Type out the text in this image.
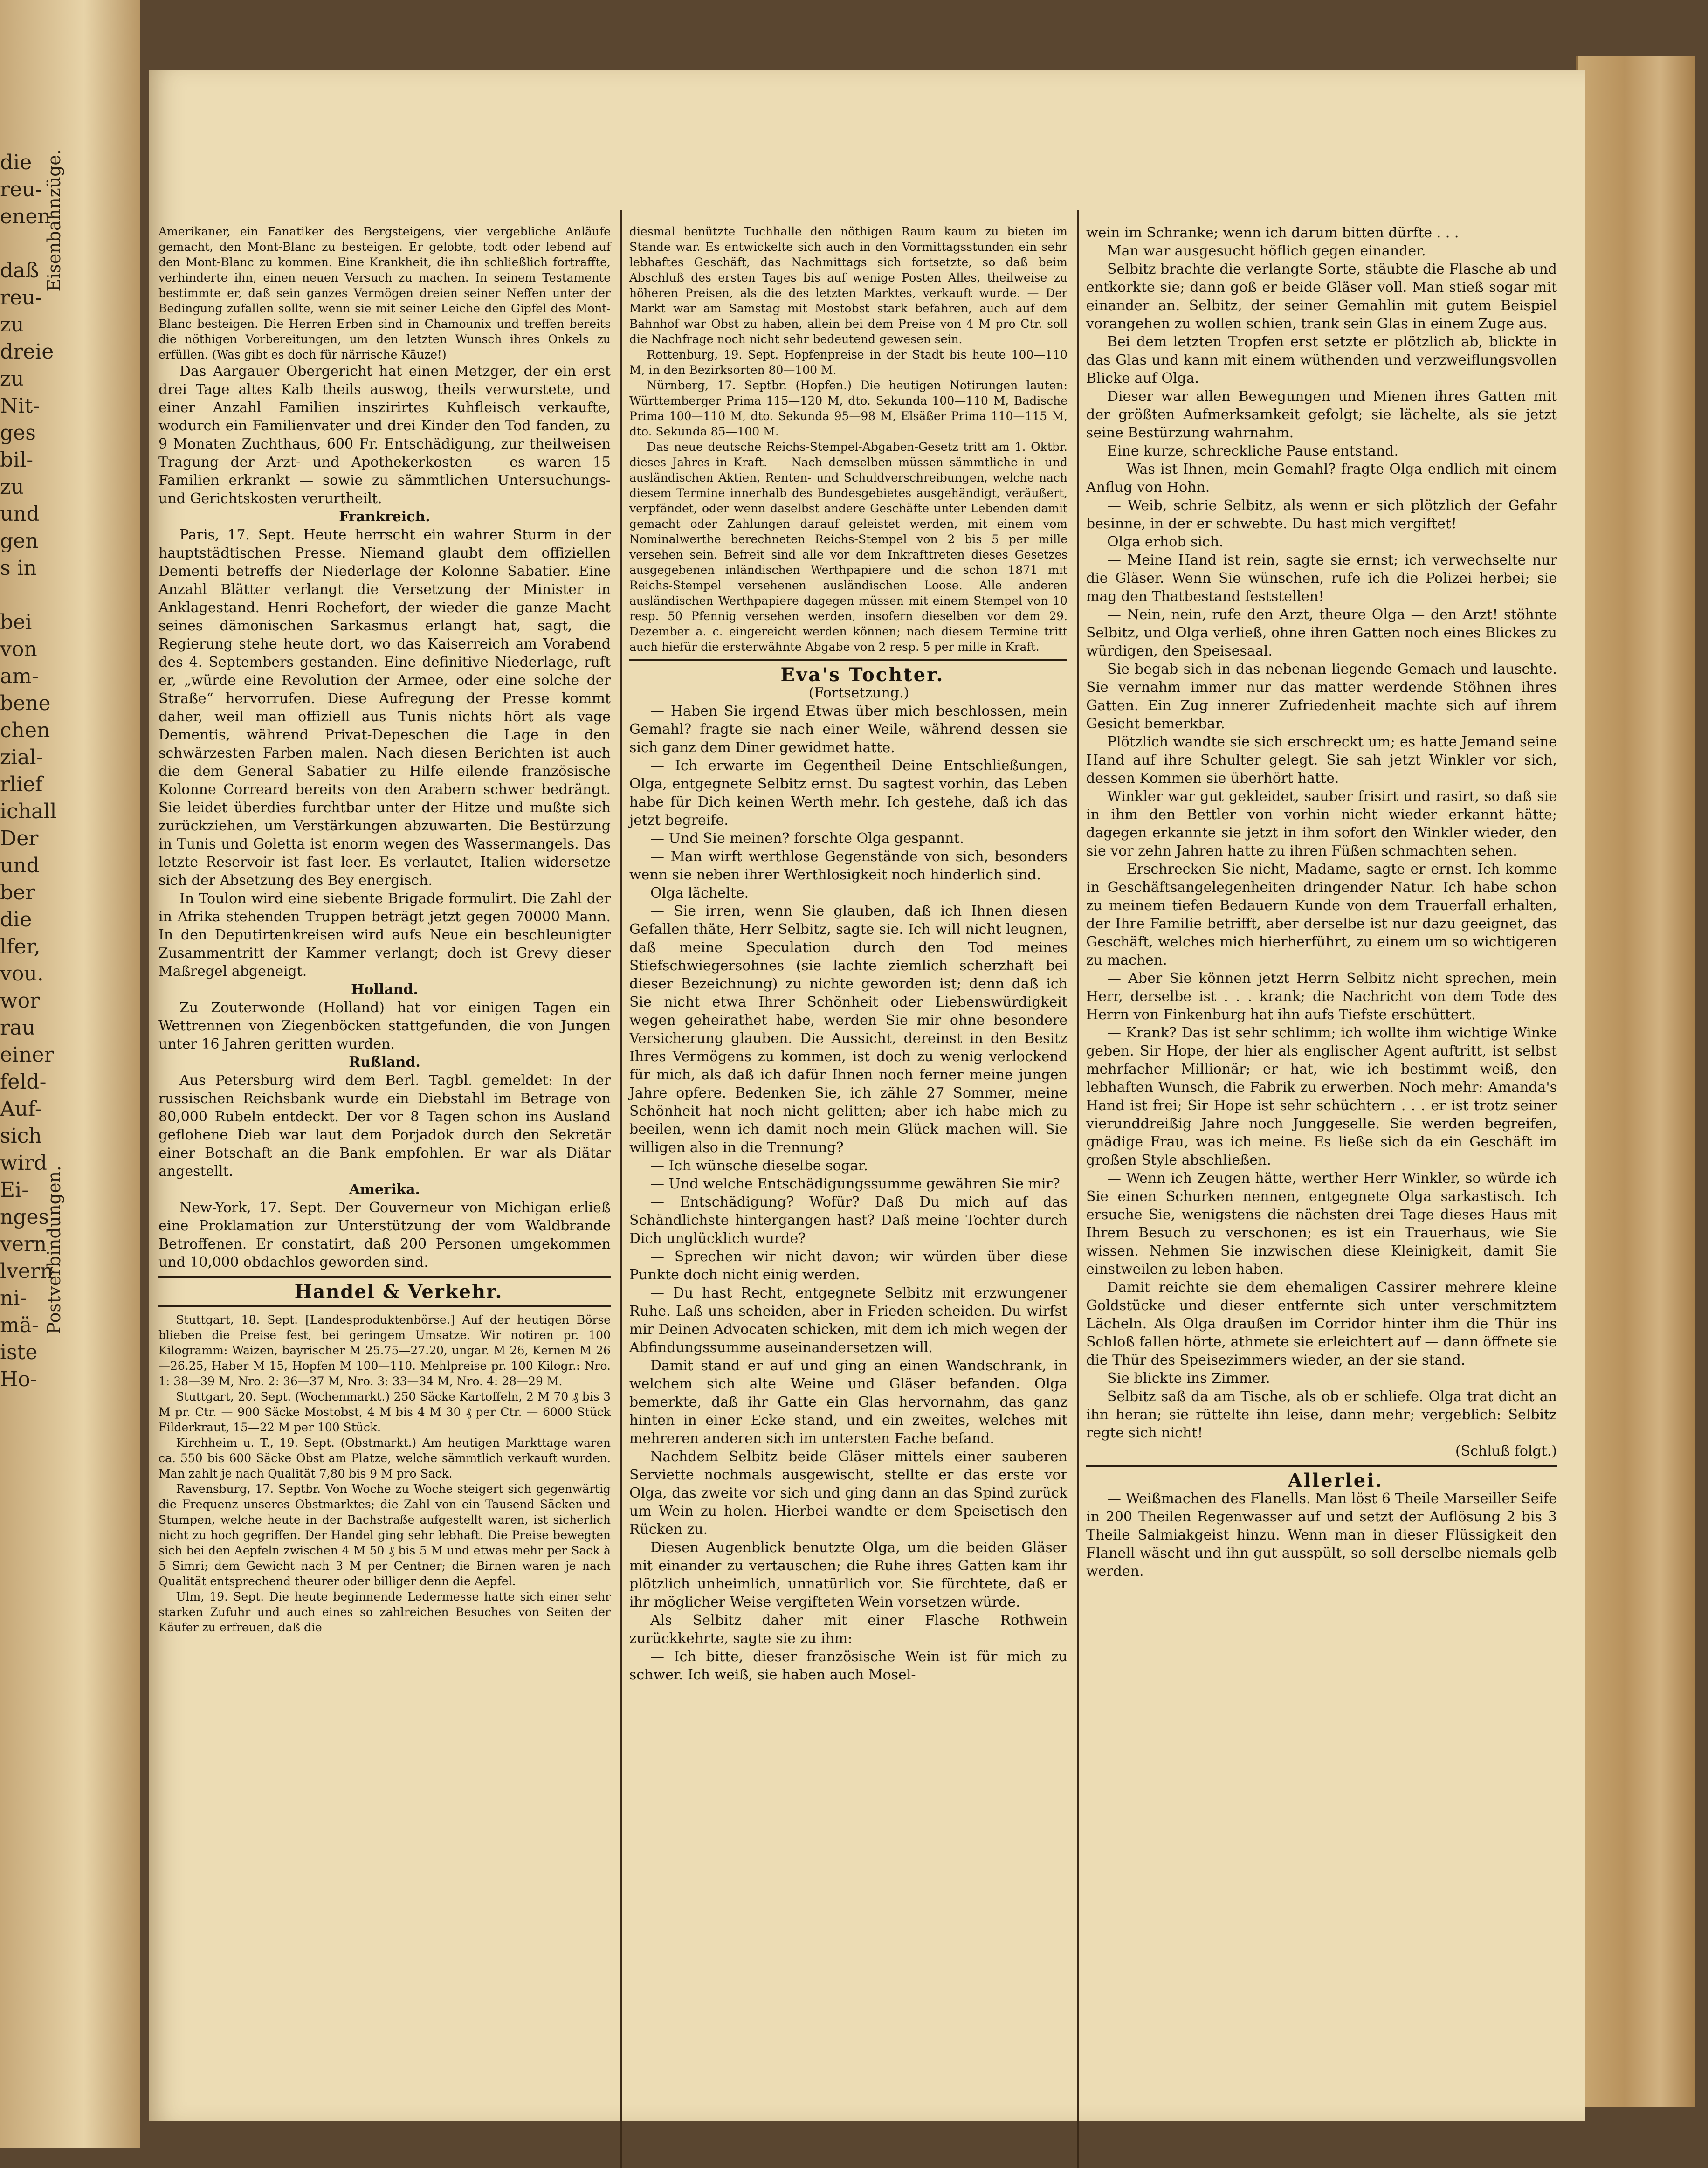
die
reu-
enen
daß
reu-
zu
dreie
zu
Nit-
ges
bil-
zu
und
gen
s in
bei
von
am-
bene
chen
zial-
rlief
ichall
Der
und
ber
die
lfer,
vou.
wor
rau
einer
feld-
Auf-
sich
wird
Ei-
nges
vern
lvern
ni-
mä-
iste
Ho-
Eisenbahnzüge.
Postverbindungen.

Amerikaner, ein Fanatiker des Bergsteigens, vier vergebliche Anläufe gemacht, den Mont-Blanc zu besteigen. Er gelobte, todt oder lebend auf den Mont-Blanc zu kommen. Eine Krankheit, die ihn schließlich fortraffte, verhinderte ihn, einen neuen Versuch zu machen. In seinem Testamente bestimmte er, daß sein ganzes Vermögen dreien seiner Neffen unter der Bedingung zufallen sollte, wenn sie mit seiner Leiche den Gipfel des Mont-Blanc besteigen. Die Herren Erben sind in Chamounix und treffen bereits die nöthigen Vorbereitungen, um den letzten Wunsch ihres Onkels zu erfüllen. (Was gibt es doch für närrische Käuze!)

Das Aargauer Obergericht hat einen Metzger, der ein erst drei Tage altes Kalb theils auswog, theils verwurstete, und einer Anzahl Familien inszirirtes Kuhfleisch verkaufte, wodurch ein Familienvater und drei Kinder den Tod fanden, zu 9 Monaten Zuchthaus, 600 Fr. Entschädigung, zur theilweisen Tragung der Arzt- und Apothekerkosten — es waren 15 Familien erkrankt — sowie zu sämmtlichen Untersuchungs- und Gerichtskosten verurtheilt.

Frankreich.

Paris, 17. Sept. Heute herrscht ein wahrer Sturm in der hauptstädtischen Presse. Niemand glaubt dem offiziellen Dementi betreffs der Niederlage der Kolonne Sabatier. Eine Anzahl Blätter verlangt die Versetzung der Minister in Anklagestand. Henri Rochefort, der wieder die ganze Macht seines dämonischen Sarkasmus erlangt hat, sagt, die Regierung stehe heute dort, wo das Kaiserreich am Vorabend des 4. Septembers gestanden. Eine definitive Niederlage, ruft er, „würde eine Revolution der Armee, oder eine solche der Straße“ hervorrufen. Diese Aufregung der Presse kommt daher, weil man offiziell aus Tunis nichts hört als vage Dementis, während Privat-Depeschen die Lage in den schwärzesten Farben malen. Nach diesen Berichten ist auch die dem General Sabatier zu Hilfe eilende französische Kolonne Correard bereits von den Arabern schwer bedrängt. Sie leidet überdies furchtbar unter der Hitze und mußte sich zurückziehen, um Verstärkungen abzuwarten. Die Bestürzung in Tunis und Goletta ist enorm wegen des Wassermangels. Das letzte Reservoir ist fast leer. Es verlautet, Italien widersetze sich der Absetzung des Bey energisch.

In Toulon wird eine siebente Brigade formulirt. Die Zahl der in Afrika stehenden Truppen beträgt jetzt gegen 70000 Mann. In den Deputirtenkreisen wird aufs Neue ein beschleunigter Zusammentritt der Kammer verlangt; doch ist Grevy dieser Maßregel abgeneigt.

Holland.

Zu Zouterwonde (Holland) hat vor einigen Tagen ein Wettrennen von Ziegenböcken stattgefunden, die von Jungen unter 16 Jahren geritten wurden.

Rußland.

Aus Petersburg wird dem Berl. Tagbl. gemeldet: In der russischen Reichsbank wurde ein Diebstahl im Betrage von 80,000 Rubeln entdeckt. Der vor 8 Tagen schon ins Ausland geflohene Dieb war laut dem Porjadok durch den Sekretär einer Botschaft an die Bank empfohlen. Er war als Diätar angestellt.

Amerika.

New-York, 17. Sept. Der Gouverneur von Michigan erließ eine Proklamation zur Unterstützung der vom Waldbrande Betroffenen. Er constatirt, daß 200 Personen umgekommen und 10,000 obdachlos geworden sind.

Handel & Verkehr.

Stuttgart, 18. Sept. [Landesproduktenbörse.] Auf der heutigen Börse blieben die Preise fest, bei geringem Umsatze. Wir notiren pr. 100 Kilogramm: Waizen, bayrischer M 25.75—27.20, ungar. M 26, Kernen M 26—26.25, Haber M 15, Hopfen M 100—110. Mehlpreise pr. 100 Kilogr.: Nro. 1: 38—39 M, Nro. 2: 36—37 M, Nro. 3: 33—34 M, Nro. 4: 28—29 M.

Stuttgart, 20. Sept. (Wochenmarkt.) 250 Säcke Kartoffeln, 2 M 70 ₰ bis 3 M pr. Ctr. — 900 Säcke Mostobst, 4 M bis 4 M 30 ₰ per Ctr. — 6000 Stück Filderkraut, 15—22 M per 100 Stück.

Kirchheim u. T., 19. Sept. (Obstmarkt.) Am heutigen Markttage waren ca. 550 bis 600 Säcke Obst am Platze, welche sämmtlich verkauft wurden. Man zahlt je nach Qualität 7,80 bis 9 M pro Sack.

Ravensburg, 17. Septbr. Von Woche zu Woche steigert sich gegenwärtig die Frequenz unseres Obstmarktes; die Zahl von ein Tausend Säcken und Stumpen, welche heute in der Bachstraße aufgestellt waren, ist sicherlich nicht zu hoch gegriffen. Der Handel ging sehr lebhaft. Die Preise bewegten sich bei den Aepfeln zwischen 4 M 50 ₰ bis 5 M und etwas mehr per Sack à 5 Simri; dem Gewicht nach 3 M per Centner; die Birnen waren je nach Qualität entsprechend theurer oder billiger denn die Aepfel.

Ulm, 19. Sept. Die heute beginnende Ledermesse hatte sich einer sehr starken Zufuhr und auch eines so zahlreichen Besuches von Seiten der Käufer zu erfreuen, daß die

diesmal benützte Tuchhalle den nöthigen Raum kaum zu bieten im Stande war. Es entwickelte sich auch in den Vormittagsstunden ein sehr lebhaftes Geschäft, das Nachmittags sich fortsetzte, so daß beim Abschluß des ersten Tages bis auf wenige Posten Alles, theilweise zu höheren Preisen, als die des letzten Marktes, verkauft wurde. — Der Markt war am Samstag mit Mostobst stark befahren, auch auf dem Bahnhof war Obst zu haben, allein bei dem Preise von 4 M pro Ctr. soll die Nachfrage noch nicht sehr bedeutend gewesen sein.

Rottenburg, 19. Sept. Hopfenpreise in der Stadt bis heute 100—110 M, in den Bezirksorten 80—100 M.

Nürnberg, 17. Septbr. (Hopfen.) Die heutigen Notirungen lauten: Württemberger Prima 115—120 M, dto. Sekunda 100—110 M, Badische Prima 100—110 M, dto. Sekunda 95—98 M, Elsäßer Prima 110—115 M, dto. Sekunda 85—100 M.

Das neue deutsche Reichs-Stempel-Abgaben-Gesetz tritt am 1. Oktbr. dieses Jahres in Kraft. — Nach demselben müssen sämmtliche in- und ausländischen Aktien, Renten- und Schuldverschreibungen, welche nach diesem Termine innerhalb des Bundesgebietes ausgehändigt, veräußert, verpfändet, oder wenn daselbst andere Geschäfte unter Lebenden damit gemacht oder Zahlungen darauf geleistet werden, mit einem vom Nominalwerthe berechneten Reichs-Stempel von 2 bis 5 per mille versehen sein. Befreit sind alle vor dem Inkrafttreten dieses Gesetzes ausgegebenen inländischen Werthpapiere und die schon 1871 mit Reichs-Stempel versehenen ausländischen Loose. Alle anderen ausländischen Werthpapiere dagegen müssen mit einem Stempel von 10 resp. 50 Pfennig versehen werden, insofern dieselben vor dem 29. Dezember a. c. eingereicht werden können; nach diesem Termine tritt auch hiefür die ersterwähnte Abgabe von 2 resp. 5 per mille in Kraft.

Eva's Tochter.

(Fortsetzung.)

— Haben Sie irgend Etwas über mich beschlossen, mein Gemahl? fragte sie nach einer Weile, während dessen sie sich ganz dem Diner gewidmet hatte.

— Ich erwarte im Gegentheil Deine Entschließungen, Olga, entgegnete Selbitz ernst. Du sagtest vorhin, das Leben habe für Dich keinen Werth mehr. Ich gestehe, daß ich das jetzt begreife.

— Und Sie meinen? forschte Olga gespannt.

— Man wirft werthlose Gegenstände von sich, besonders wenn sie neben ihrer Werthlosigkeit noch hinderlich sind.

Olga lächelte.

— Sie irren, wenn Sie glauben, daß ich Ihnen diesen Gefallen thäte, Herr Selbitz, sagte sie. Ich will nicht leugnen, daß meine Speculation durch den Tod meines Stiefschwiegersohnes (sie lachte ziemlich scherzhaft bei dieser Bezeichnung) zu nichte geworden ist; denn daß ich Sie nicht etwa Ihrer Schönheit oder Liebenswürdigkeit wegen geheirathet habe, werden Sie mir ohne besondere Versicherung glauben. Die Aussicht, dereinst in den Besitz Ihres Vermögens zu kommen, ist doch zu wenig verlockend für mich, als daß ich dafür Ihnen noch ferner meine jungen Jahre opfere. Bedenken Sie, ich zähle 27 Sommer, meine Schönheit hat noch nicht gelitten; aber ich habe mich zu beeilen, wenn ich damit noch mein Glück machen will. Sie willigen also in die Trennung?

— Ich wünsche dieselbe sogar.

— Und welche Entschädigungssumme gewähren Sie mir?

— Entschädigung? Wofür? Daß Du mich auf das Schändlichste hintergangen hast? Daß meine Tochter durch Dich unglücklich wurde?

— Sprechen wir nicht davon; wir würden über diese Punkte doch nicht einig werden.

— Du hast Recht, entgegnete Selbitz mit erzwungener Ruhe. Laß uns scheiden, aber in Frieden scheiden. Du wirfst mir Deinen Advocaten schicken, mit dem ich mich wegen der Abfindungssumme auseinandersetzen will.

Damit stand er auf und ging an einen Wandschrank, in welchem sich alte Weine und Gläser befanden. Olga bemerkte, daß ihr Gatte ein Glas hervornahm, das ganz hinten in einer Ecke stand, und ein zweites, welches mit mehreren anderen sich im untersten Fache befand.

Nachdem Selbitz beide Gläser mittels einer sauberen Serviette nochmals ausgewischt, stellte er das erste vor Olga, das zweite vor sich und ging dann an das Spind zurück um Wein zu holen. Hierbei wandte er dem Speisetisch den Rücken zu.

Diesen Augenblick benutzte Olga, um die beiden Gläser mit einander zu vertauschen; die Ruhe ihres Gatten kam ihr plötzlich unheimlich, unnatürlich vor. Sie fürchtete, daß er ihr möglicher Weise vergifteten Wein vorsetzen würde.

Als Selbitz daher mit einer Flasche Rothwein zurückkehrte, sagte sie zu ihm:

— Ich bitte, dieser französische Wein ist für mich zu schwer. Ich weiß, sie haben auch Mosel-

wein im Schranke; wenn ich darum bitten dürfte . . .

Man war ausgesucht höflich gegen einander.

Selbitz brachte die verlangte Sorte, stäubte die Flasche ab und entkorkte sie; dann goß er beide Gläser voll. Man stieß sogar mit einander an. Selbitz, der seiner Gemahlin mit gutem Beispiel vorangehen zu wollen schien, trank sein Glas in einem Zuge aus.

Bei dem letzten Tropfen erst setzte er plötzlich ab, blickte in das Glas und kann mit einem wüthenden und verzweiflungsvollen Blicke auf Olga.

Dieser war allen Bewegungen und Mienen ihres Gatten mit der größten Aufmerksamkeit gefolgt; sie lächelte, als sie jetzt seine Bestürzung wahrnahm.

Eine kurze, schreckliche Pause entstand.

— Was ist Ihnen, mein Gemahl? fragte Olga endlich mit einem Anflug von Hohn.

— Weib, schrie Selbitz, als wenn er sich plötzlich der Gefahr besinne, in der er schwebte. Du hast mich vergiftet!

Olga erhob sich.

— Meine Hand ist rein, sagte sie ernst; ich verwechselte nur die Gläser. Wenn Sie wünschen, rufe ich die Polizei herbei; sie mag den Thatbestand feststellen!

— Nein, nein, rufe den Arzt, theure Olga — den Arzt! stöhnte Selbitz, und Olga verließ, ohne ihren Gatten noch eines Blickes zu würdigen, den Speisesaal.

Sie begab sich in das nebenan liegende Gemach und lauschte. Sie vernahm immer nur das matter werdende Stöhnen ihres Gatten. Ein Zug innerer Zufriedenheit machte sich auf ihrem Gesicht bemerkbar.

Plötzlich wandte sie sich erschreckt um; es hatte Jemand seine Hand auf ihre Schulter gelegt. Sie sah jetzt Winkler vor sich, dessen Kommen sie überhört hatte.

Winkler war gut gekleidet, sauber frisirt und rasirt, so daß sie in ihm den Bettler von vorhin nicht wieder erkannt hätte; dagegen erkannte sie jetzt in ihm sofort den Winkler wieder, den sie vor zehn Jahren hatte zu ihren Füßen schmachten sehen.

— Erschrecken Sie nicht, Madame, sagte er ernst. Ich komme in Geschäftsangelegenheiten dringender Natur. Ich habe schon zu meinem tiefen Bedauern Kunde von dem Trauerfall erhalten, der Ihre Familie betrifft, aber derselbe ist nur dazu geeignet, das Geschäft, welches mich hierherführt, zu einem um so wichtigeren zu machen.

— Aber Sie können jetzt Herrn Selbitz nicht sprechen, mein Herr, derselbe ist . . . krank; die Nachricht von dem Tode des Herrn von Finkenburg hat ihn aufs Tiefste erschüttert.

— Krank? Das ist sehr schlimm; ich wollte ihm wichtige Winke geben. Sir Hope, der hier als englischer Agent auftritt, ist selbst mehrfacher Millionär; er hat, wie ich bestimmt weiß, den lebhaften Wunsch, die Fabrik zu erwerben. Noch mehr: Amanda's Hand ist frei; Sir Hope ist sehr schüchtern . . . er ist trotz seiner vierunddreißig Jahre noch Junggeselle. Sie werden begreifen, gnädige Frau, was ich meine. Es ließe sich da ein Geschäft im großen Style abschließen.

— Wenn ich Zeugen hätte, werther Herr Winkler, so würde ich Sie einen Schurken nennen, entgegnete Olga sarkastisch. Ich ersuche Sie, wenigstens die nächsten drei Tage dieses Haus mit Ihrem Besuch zu verschonen; es ist ein Trauerhaus, wie Sie wissen. Nehmen Sie inzwischen diese Kleinigkeit, damit Sie einstweilen zu leben haben.

Damit reichte sie dem ehemaligen Cassirer mehrere kleine Goldstücke und dieser entfernte sich unter verschmitztem Lächeln. Als Olga draußen im Corridor hinter ihm die Thür ins Schloß fallen hörte, athmete sie erleichtert auf — dann öffnete sie die Thür des Speisezimmers wieder, an der sie stand.

Sie blickte ins Zimmer.

Selbitz saß da am Tische, als ob er schliefe. Olga trat dicht an ihn heran; sie rüttelte ihn leise, dann mehr; vergeblich: Selbitz regte sich nicht!

(Schluß folgt.)

Allerlei.

— Weißmachen des Flanells. Man löst 6 Theile Marseiller Seife in 200 Theilen Regenwasser auf und setzt der Auflösung 2 bis 3 Theile Salmiakgeist hinzu. Wenn man in dieser Flüssigkeit den Flanell wäscht und ihn gut ausspült, so soll derselbe niemals gelb werden.
